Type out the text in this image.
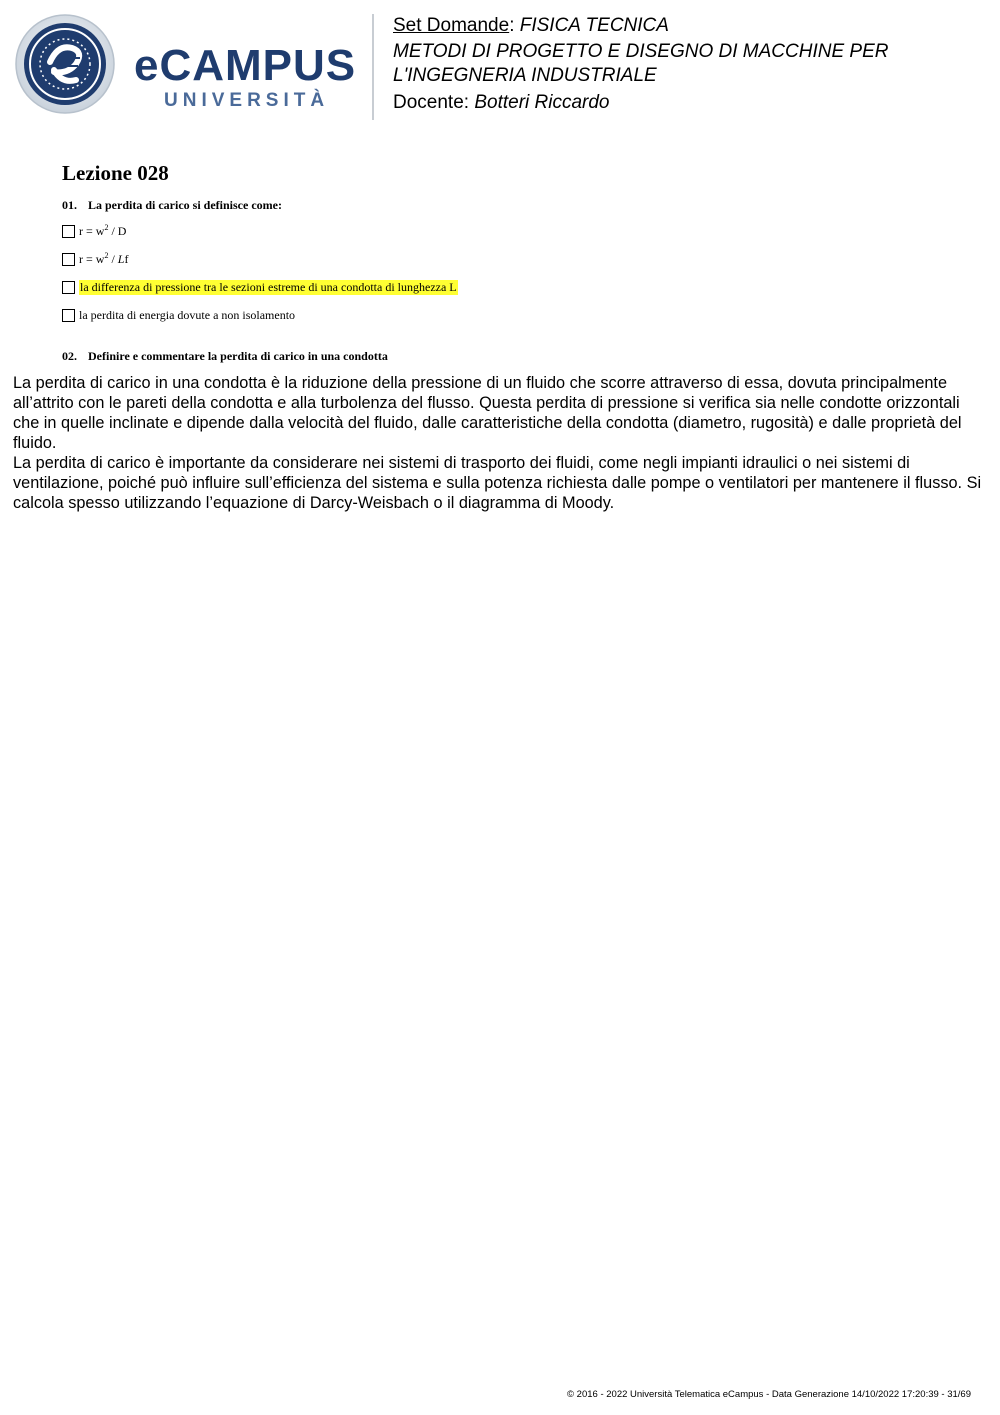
eCAMPUS
UNIVERSITÀ
Set Domande: FISICA TECNICA
METODI DI PROGETTO E DISEGNO DI MACCHINE PER L'INGEGNERIA INDUSTRIALE
Docente: Botteri Riccardo
Lezione 028
01. La perdita di carico si definisce come:
$r = w^2 / D$
$r = w^2 / Lf$
la differenza di pressione tra le sezioni estreme di una condotta di lunghezza L
la perdita di energia dovute a non isolamento
02. Definire e commentare la perdita di carico in una condotta

La perdita di carico in una condotta è la riduzione della pressione di un fluido che scorre attraverso di essa, dovuta principalmente all’attrito con le pareti della condotta e alla turbolenza del flusso. Questa perdita di pressione si verifica sia nelle condotte orizzontali che in quelle inclinate e dipende dalla velocità del fluido, dalle caratteristiche della condotta (diametro, rugosità) e dalle proprietà del fluido.

La perdita di carico è importante da considerare nei sistemi di trasporto dei fluidi, come negli impianti idraulici o nei sistemi di ventilazione, poiché può influire sull’efficienza del sistema e sulla potenza richiesta dalle pompe o ventilatori per mantenere il flusso. Si calcola spesso utilizzando l’equazione di Darcy-Weisbach o il diagramma di Moody.

© 2016 - 2022 Università Telematica eCampus - Data Generazione 14/10/2022 17:20:39 - 31/69
